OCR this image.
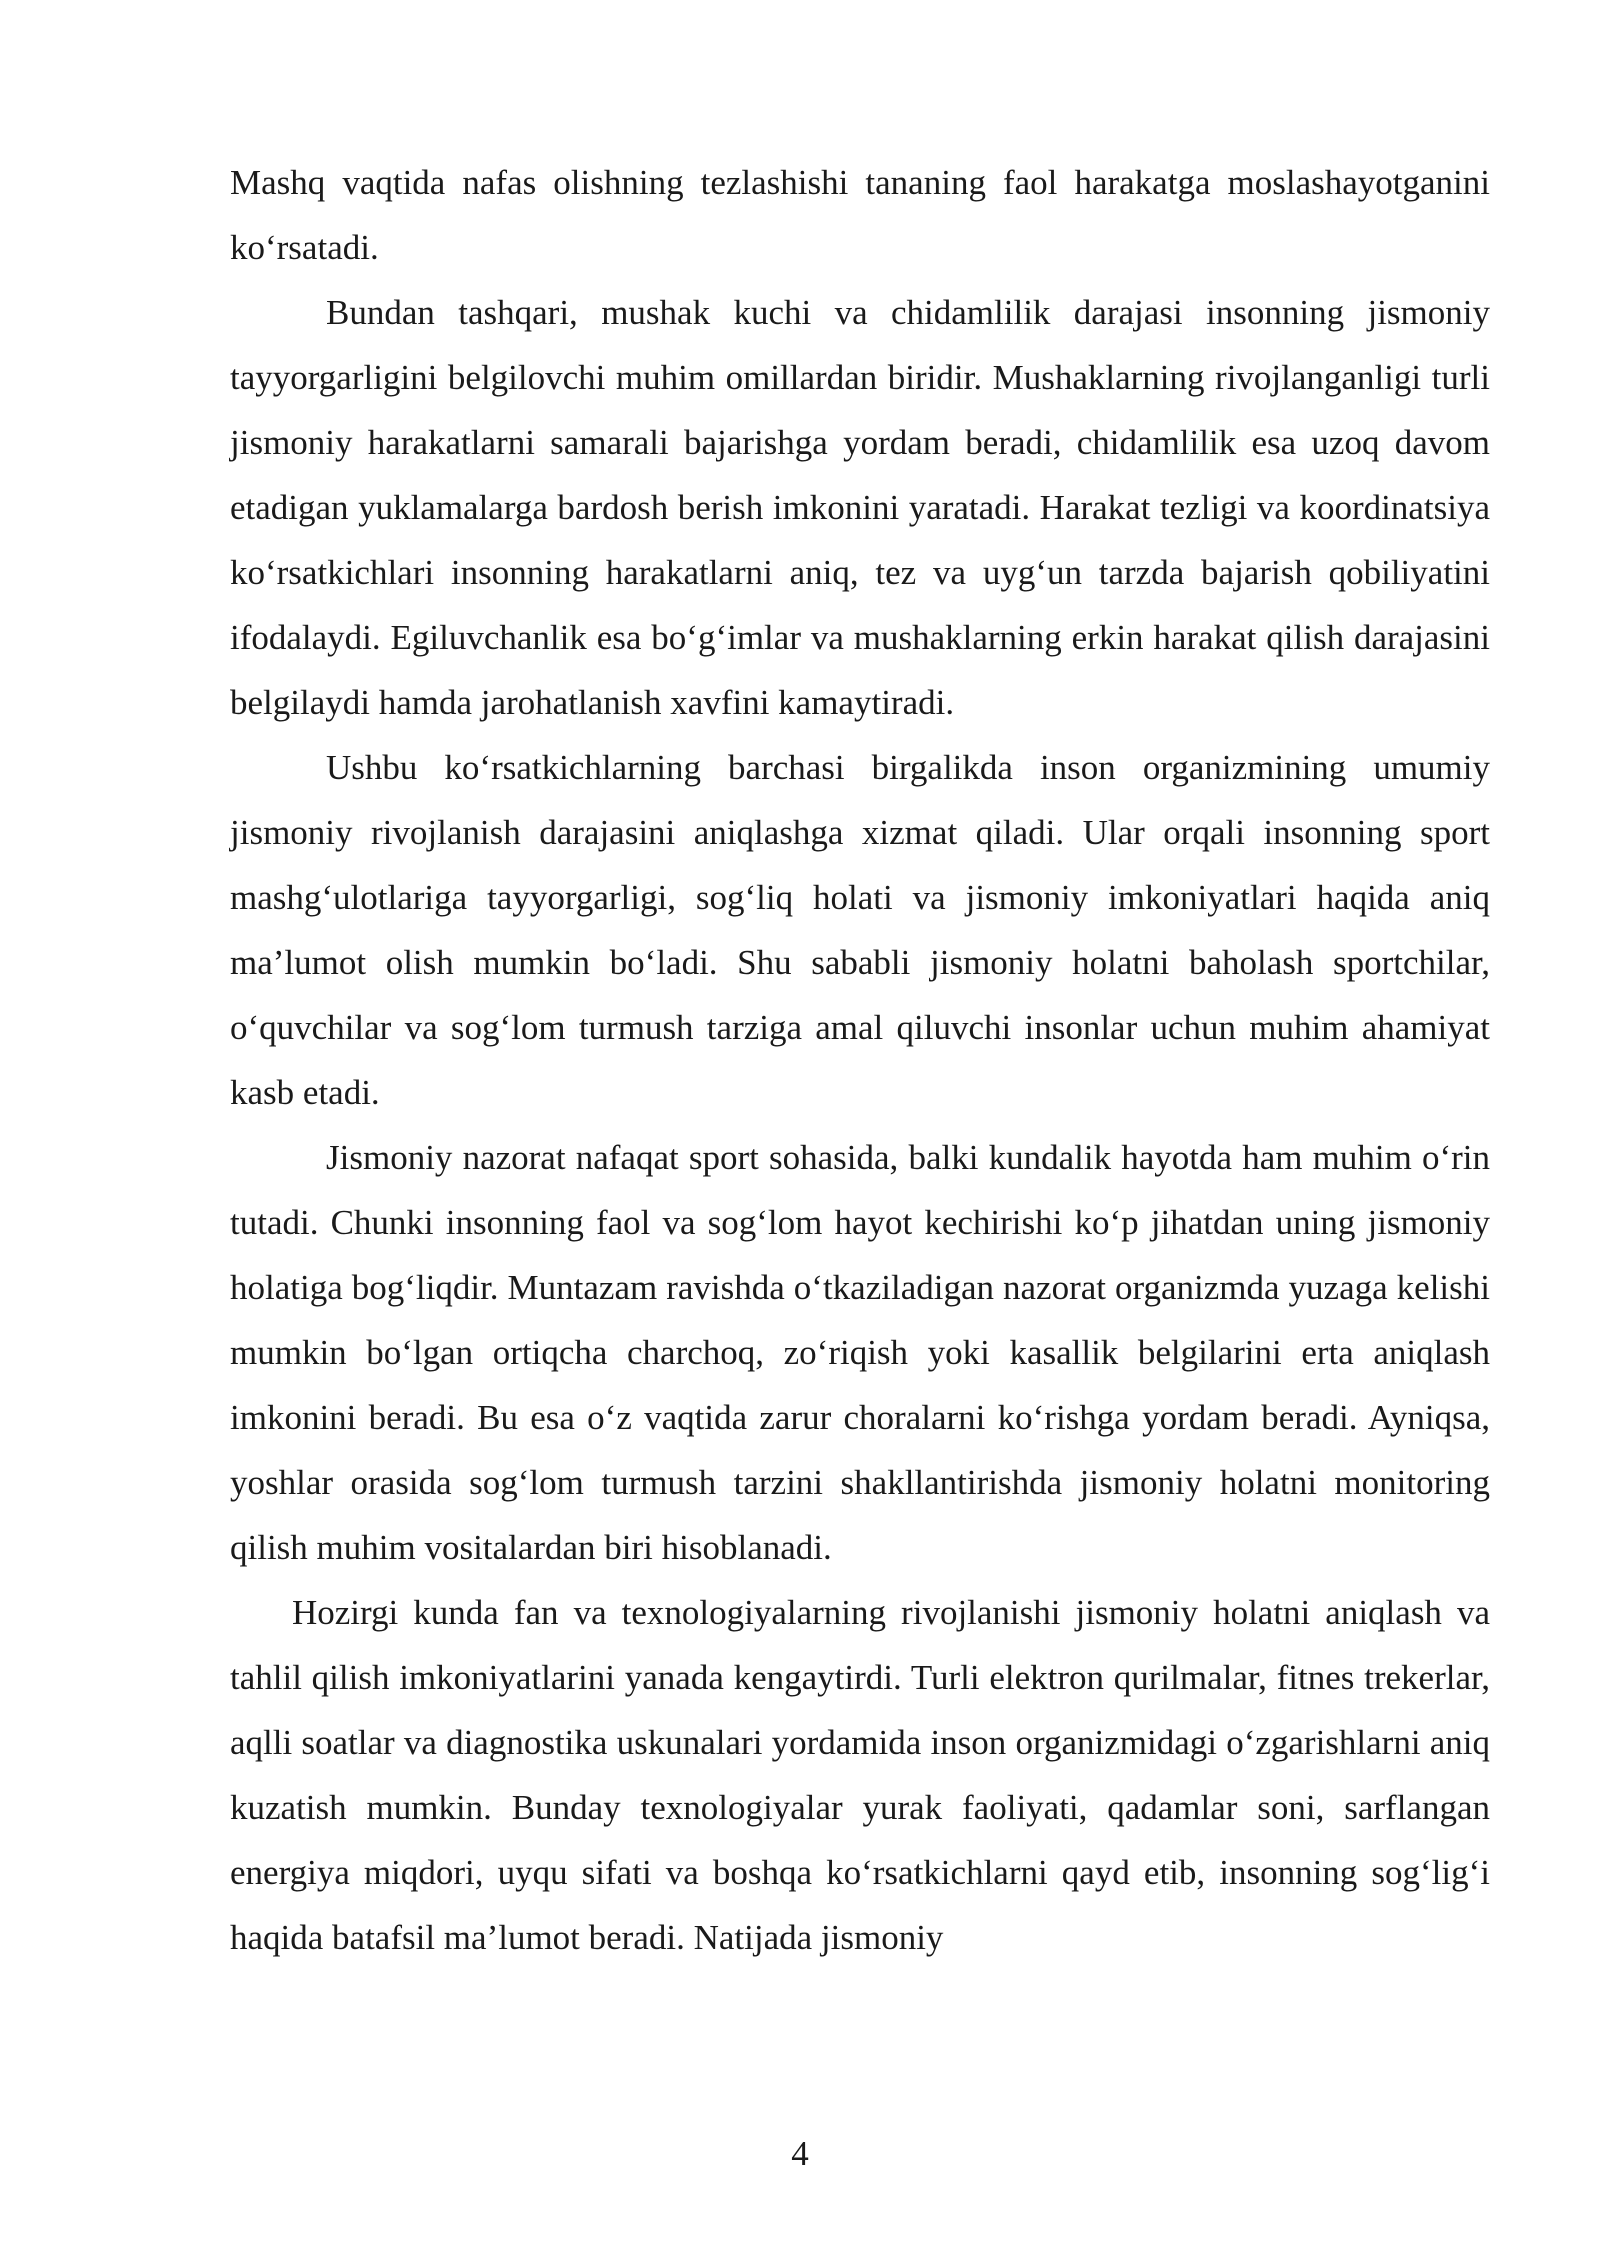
Mashq vaqtida nafas olishning tezlashishi tananing faol harakatga moslashayotganini ko‘rsatadi.

Bundan tashqari, mushak kuchi va chidamlilik darajasi insonning jismoniy tayyorgarligini belgilovchi muhim omillardan biridir. Mushaklarning rivojlanganligi turli jismoniy harakatlarni samarali bajarishga yordam beradi, chidamlilik esa uzoq davom etadigan yuklamalarga bardosh berish imkonini yaratadi. Harakat tezligi va koordinatsiya ko‘rsatkichlari insonning harakatlarni aniq, tez va uyg‘un tarzda bajarish qobiliyatini ifodalaydi. Egiluvchanlik esa bo‘g‘imlar va mushaklarning erkin harakat qilish darajasini belgilaydi hamda jarohatlanish xavfini kamaytiradi.

Ushbu ko‘rsatkichlarning barchasi birgalikda inson organizmining umumiy jismoniy rivojlanish darajasini aniqlashga xizmat qiladi. Ular orqali insonning sport mashg‘ulotlariga tayyorgarligi, sog‘liq holati va jismoniy imkoniyatlari haqida aniq ma’lumot olish mumkin bo‘ladi. Shu sababli jismoniy holatni baholash sportchilar, o‘quvchilar va sog‘lom turmush tarziga amal qiluvchi insonlar uchun muhim ahamiyat kasb etadi.

Jismoniy nazorat nafaqat sport sohasida, balki kundalik hayotda ham muhim o‘rin tutadi. Chunki insonning faol va sog‘lom hayot kechirishi ko‘p jihatdan uning jismoniy holatiga bog‘liqdir. Muntazam ravishda o‘tkaziladigan nazorat organizmda yuzaga kelishi mumkin bo‘lgan ortiqcha charchoq, zo‘riqish yoki kasallik belgilarini erta aniqlash imkonini beradi. Bu esa o‘z vaqtida zarur choralarni ko‘rishga yordam beradi. Ayniqsa, yoshlar orasida sog‘lom turmush tarzini shakllantirishda jismoniy holatni monitoring qilish muhim vositalardan biri hisoblanadi.

Hozirgi kunda fan va texnologiyalarning rivojlanishi jismoniy holatni aniqlash va tahlil qilish imkoniyatlarini yanada kengaytirdi. Turli elektron qurilmalar, fitnes trekerlar, aqlli soatlar va diagnostika uskunalari yordamida inson organizmidagi o‘zgarishlarni aniq kuzatish mumkin. Bunday texnologiyalar yurak faoliyati, qadamlar soni, sarflangan energiya miqdori, uyqu sifati va boshqa ko‘rsatkichlarni qayd etib, insonning sog‘lig‘i haqida batafsil ma’lumot beradi. Natijada jismoniy

4
